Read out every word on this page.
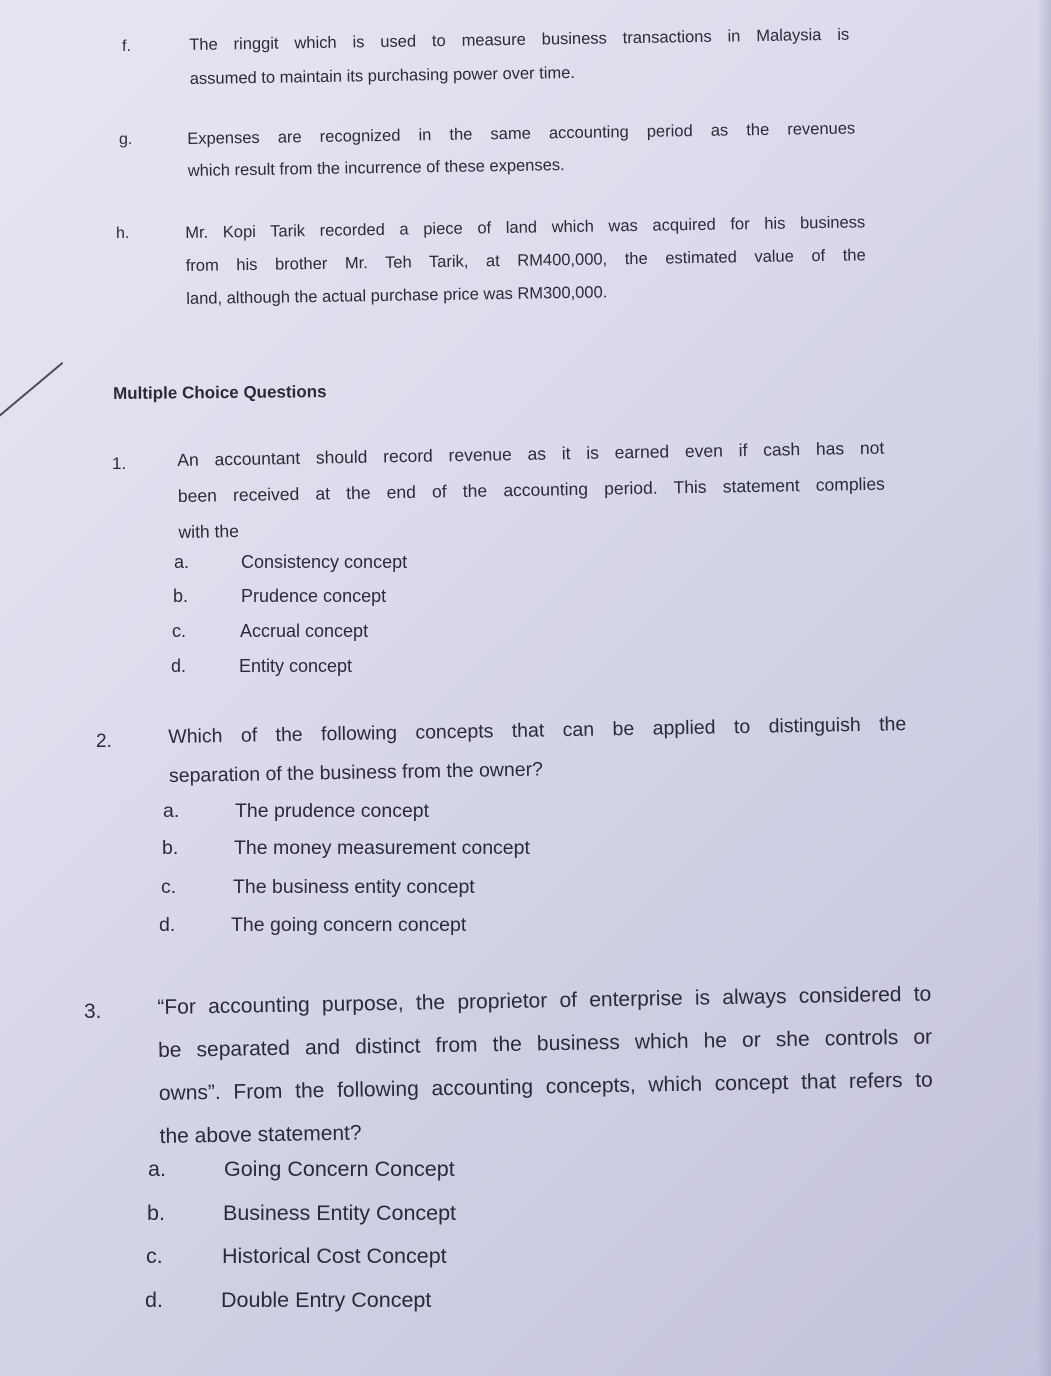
f.	The ringgit which is used to measure business transactions in Malaysia is
assumed to maintain its purchasing power over time.
g.	Expenses are recognized in the same accounting period as the revenues
which result from the incurrence of these expenses.
h.	Mr. Kopi Tarik recorded a piece of land which was acquired for his business
from his brother Mr. Teh Tarik, at RM400,000, the estimated value of the
land, although the actual purchase price was RM300,000.
Multiple Choice Questions
1.	An accountant should record revenue as it is earned even if cash has not
been received at the end of the accounting period. This statement complies
with the
a.	Consistency concept
b.	Prudence concept
c.	Accrual concept
d.	Entity concept
2.	Which of the following concepts that can be applied to distinguish the
separation of the business from the owner?
a.	The prudence concept
b.	The money measurement concept
c.	The business entity concept
d.	The going concern concept
3.	“For accounting purpose, the proprietor of enterprise is always considered to
be separated and distinct from the business which he or she controls or
owns”. From the following accounting concepts, which concept that refers to
the above statement?
a.	Going Concern Concept
b.	Business Entity Concept
c.	Historical Cost Concept
d.	Double Entry Concept
